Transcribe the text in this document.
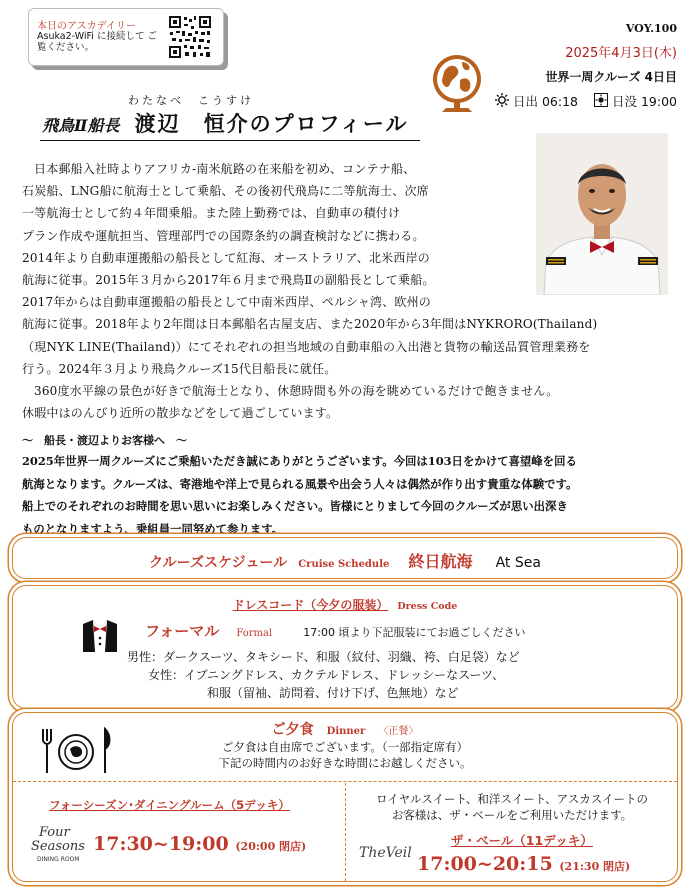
本日のアスカデイリー
Asuka2-WiFi に接続して ご覧ください。
VOY.100
2025年4月3日(木)
世界一周クルーズ 4日目
日出 06:18	日没 19:00
わたなべ　こうすけ
飛鳥Ⅱ船長 渡辺　恒介のプロフィール

日本郵船入社時よりアフリカ‐南米航路の在来船を初め、コンテナ船、

石炭船、LNG船に航海士として乗船、その後初代飛鳥に二等航海士、次席

一等航海士として約４年間乗船。また陸上勤務では、自動車の積付け

プラン作成や運航担当、管理部門での国際条約の調査検討などに携わる。

2014年より自動車運搬船の船長として紅海、オーストラリア、北米西岸の

航海に従事。2015年３月から2017年６月まで飛鳥Ⅱの副船長として乗船。

2017年からは自動車運搬船の船長として中南米西岸、ペルシャ湾、欧州の

航海に従事。2018年より2年間は日本郵船名古屋支店、また2020年から3年間はNYKRORO(Thailand)

（現NYK LINE(Thailand)）にてそれぞれの担当地域の自動車船の入出港と貨物の輸送品質管理業務を

行う。2024年３月より飛鳥クルーズ15代目船長に就任。

360度水平線の景色が好きで航海士となり、休憩時間も外の海を眺めているだけで飽きません。

休暇中はのんびり近所の散歩などをして過ごしています。

～　船長・渡辺よりお客様へ　～
2025年世界一周クルーズにご乗船いただき誠にありがとうございます。今回は103日をかけて喜望峰を回る
航海となります。クルーズは、寄港地や洋上で見られる風景や出会う人々は偶然が作り出す貴重な体験です。
船上でのそれぞれのお時間を思い思いにお楽しみください。皆様にとりまして今回のクルーズが思い出深き
ものとなりますよう、乗組員一同努めて参ります。
クルーズスケジュール Cruise Schedule 終日航海 At Sea
ドレスコード（今夕の服装） Dress Code
フォーマル Formal	17:00 頃より下記服装にてお過ごしください
男性：ダークスーツ、タキシード、和服（紋付、羽織、袴、白足袋）など
女性：イブニングドレス、カクテルドレス、ドレッシーなスーツ、
和服（留袖、訪問着、付け下げ、色無地）など
ご夕食 Dinner 〈正餐〉
ご夕食は自由席でございます。（一部指定席有）
下記の時間内のお好きな時間にお越しください。
フォーシーズン･ダイニングルーム（5デッキ）
Four
Seasons
DINING ROOM
17:30~19:00 (20:00 閉店)
ロイヤルスイート、和洋スイート、アスカスイートの
お客様は、ザ・ベールをご利用いただけます。
ザ・ベール（11デッキ）
TheVeil 17:00~20:15 (21:30 閉店)
